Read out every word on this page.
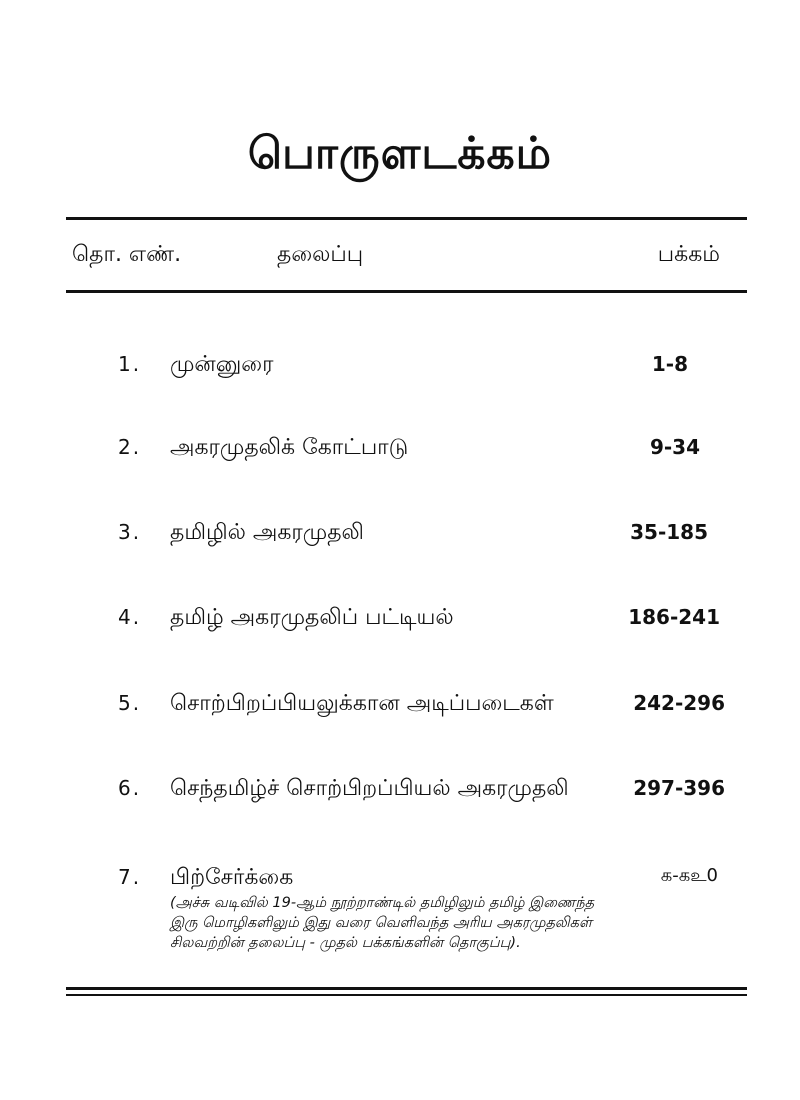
பொருளடக்கம்
தொ. எண்.	தலைப்பு	பக்கம்
1. முன்னுரை	1-8
2. அகரமுதலிக் கோட்பாடு	9-34
3. தமிழில் அகரமுதலி	35-185
4. தமிழ் அகரமுதலிப் பட்டியல்	186-241
5. சொற்பிறப்பியலுக்கான அடிப்படைகள்	242-296
6. செந்தமிழ்ச் சொற்பிறப்பியல் அகரமுதலி	297-396
7. பிற்சேர்க்கை	க-கஉ0
(அச்சு வடிவில் 19-ஆம் நூற்றாண்டில் தமிழிலும் தமிழ் இணைந்த
இரு மொழிகளிலும் இது வரை வெளிவந்த அரிய அகரமுதலிகள்
சிலவற்றின் தலைப்பு - முதல் பக்கங்களின் தொகுப்பு).
